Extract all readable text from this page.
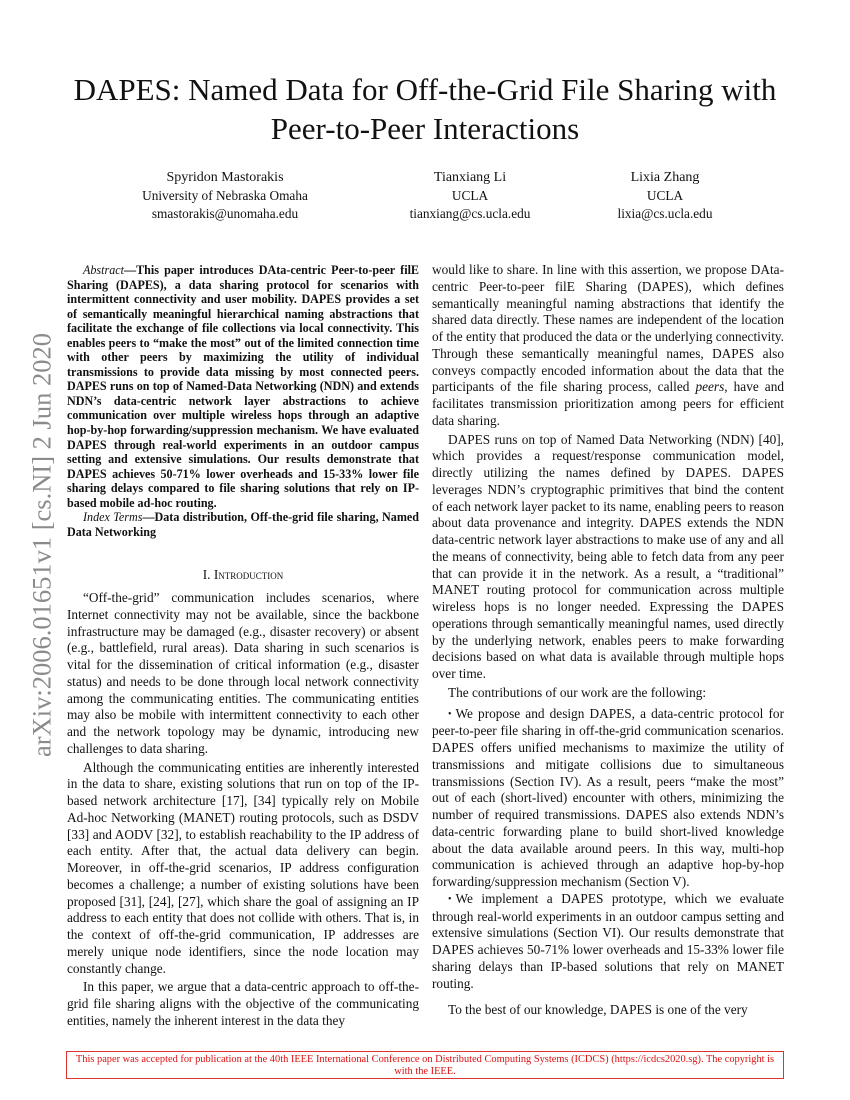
arXiv:2006.01651v1 [cs.NI] 2 Jun 2020
DAPES: Named Data for Off-the-Grid File Sharing with Peer-to-Peer Interactions
Spyridon Mastorakis
University of Nebraska Omaha
smastorakis@unomaha.edu
Tianxiang Li
UCLA
tianxiang@cs.ucla.edu
Lixia Zhang
UCLA
lixia@cs.ucla.edu

Abstract—This paper introduces DAta-centric Peer-to-peer filE Sharing (DAPES), a data sharing protocol for scenarios with intermittent connectivity and user mobility. DAPES provides a set of semantically meaningful hierarchical naming abstractions that facilitate the exchange of file collections via local connectivity. This enables peers to “make the most” out of the limited connection time with other peers by maximizing the utility of individual transmissions to provide data missing by most connected peers. DAPES runs on top of Named-Data Networking (NDN) and extends NDN’s data-centric network layer abstractions to achieve communication over multiple wireless hops through an adaptive hop-by-hop forwarding/suppression mechanism. We have evaluated DAPES through real-world experiments in an outdoor campus setting and extensive simulations. Our results demonstrate that DAPES achieves 50-71% lower overheads and 15-33% lower file sharing delays compared to file sharing solutions that rely on IP-based mobile ad-hoc routing.

Index Terms—Data distribution, Off-the-grid file sharing, Named Data Networking

I. Introduction

“Off-the-grid” communication includes scenarios, where Internet connectivity may not be available, since the backbone infrastructure may be damaged (e.g., disaster recovery) or absent (e.g., battlefield, rural areas). Data sharing in such scenarios is vital for the dissemination of critical information (e.g., disaster status) and needs to be done through local network connectivity among the communicating entities. The communicating entities may also be mobile with intermittent connectivity to each other and the network topology may be dynamic, introducing new challenges to data sharing.

Although the communicating entities are inherently interested in the data to share, existing solutions that run on top of the IP-based network architecture [17], [34] typically rely on Mobile Ad-hoc Networking (MANET) routing protocols, such as DSDV [33] and AODV [32], to establish reachability to the IP address of each entity. After that, the actual data delivery can begin. Moreover, in off-the-grid scenarios, IP address configuration becomes a challenge; a number of existing solutions have been proposed [31], [24], [27], which share the goal of assigning an IP address to each entity that does not collide with others. That is, in the context of off-the-grid communication, IP addresses are merely unique node identifiers, since the node location may constantly change.

In this paper, we argue that a data-centric approach to off-the-grid file sharing aligns with the objective of the communicating entities, namely the inherent interest in the data they

would like to share. In line with this assertion, we propose DAta-centric Peer-to-peer filE Sharing (DAPES), which defines semantically meaningful naming abstractions that identify the shared data directly. These names are independent of the location of the entity that produced the data or the underlying connectivity. Through these semantically meaningful names, DAPES also conveys compactly encoded information about the data that the participants of the file sharing process, called peers, have and facilitates transmission prioritization among peers for efficient data sharing.

DAPES runs on top of Named Data Networking (NDN) [40], which provides a request/response communication model, directly utilizing the names defined by DAPES. DAPES leverages NDN’s cryptographic primitives that bind the content of each network layer packet to its name, enabling peers to reason about data provenance and integrity. DAPES extends the NDN data-centric network layer abstractions to make use of any and all the means of connectivity, being able to fetch data from any peer that can provide it in the network. As a result, a “traditional” MANET routing protocol for communication across multiple wireless hops is no longer needed. Expressing the DAPES operations through semantically meaningful names, used directly by the underlying network, enables peers to make forwarding decisions based on what data is available through multiple hops over time.

The contributions of our work are the following:

• We propose and design DAPES, a data-centric protocol for peer-to-peer file sharing in off-the-grid communication scenarios. DAPES offers unified mechanisms to maximize the utility of transmissions and mitigate collisions due to simultaneous transmissions (Section IV). As a result, peers “make the most” out of each (short-lived) encounter with others, minimizing the number of required transmissions. DAPES also extends NDN’s data-centric forwarding plane to build short-lived knowledge about the data available around peers. In this way, multi-hop communication is achieved through an adaptive hop-by-hop forwarding/suppression mechanism (Section V).

• We implement a DAPES prototype, which we evaluate through real-world experiments in an outdoor campus setting and extensive simulations (Section VI). Our results demonstrate that DAPES achieves 50-71% lower overheads and 15-33% lower file sharing delays than IP-based solutions that rely on MANET routing.

To the best of our knowledge, DAPES is one of the very

This paper was accepted for publication at the 40th IEEE International Conference on Distributed Computing Systems (ICDCS) (https://icdcs2020.sg). The copyright is with the IEEE.
